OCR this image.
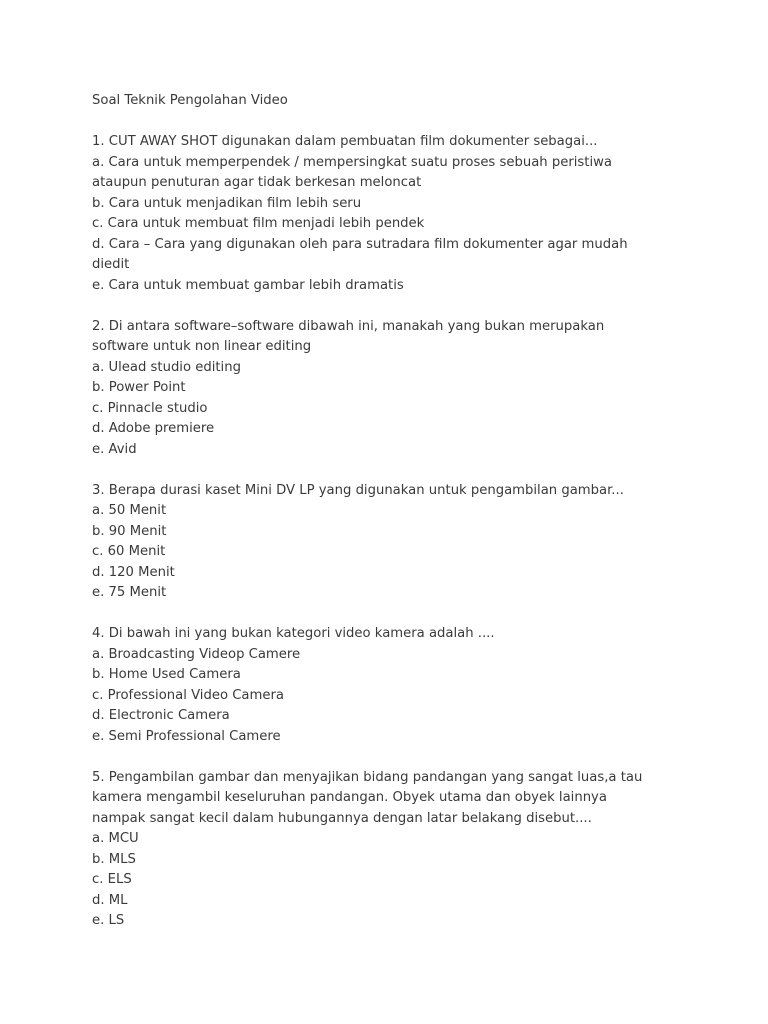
Soal Teknik Pengolahan Video

1. CUT AWAY SHOT digunakan dalam pembuatan film dokumenter sebagai...

a. Cara untuk memperpendek / mempersingkat suatu proses sebuah peristiwa

ataupun penuturan agar tidak berkesan meloncat

b. Cara untuk menjadikan film lebih seru

c. Cara untuk membuat film menjadi lebih pendek

d. Cara – Cara yang digunakan oleh para sutradara film dokumenter agar mudah

diedit

e. Cara untuk membuat gambar lebih dramatis

2. Di antara software–software dibawah ini, manakah yang bukan merupakan

software untuk non linear editing

a. Ulead studio editing

b. Power Point

c. Pinnacle studio

d. Adobe premiere

e. Avid

3. Berapa durasi kaset Mini DV LP yang digunakan untuk pengambilan gambar...

a. 50 Menit

b. 90 Menit

c. 60 Menit

d. 120 Menit

e. 75 Menit

4. Di bawah ini yang bukan kategori video kamera adalah ....

a. Broadcasting Videop Camere

b. Home Used Camera

c. Professional Video Camera

d. Electronic Camera

e. Semi Professional Camere

5. Pengambilan gambar dan menyajikan bidang pandangan yang sangat luas,a tau

kamera mengambil keseluruhan pandangan. Obyek utama dan obyek lainnya

nampak sangat kecil dalam hubungannya dengan latar belakang disebut....

a. MCU

b. MLS

c. ELS

d. ML

e. LS
